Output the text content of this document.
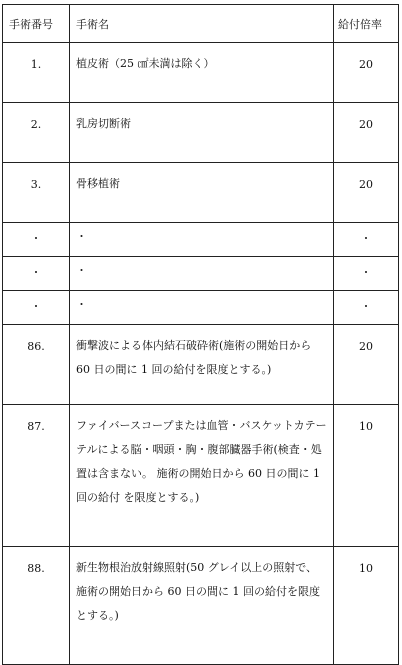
手術番号	手術名	給付倍率
1.	植皮術（25 ㎠未満は除く）	20
2.	乳房切断術	20
3.	骨移植術	20
・	・	・
・	・	・
・	・	・
86.	衝撃波による体内結石破砕術(施術の開始日から 60 日の間に 1 回の給付を限度とする。)	20
87.	ファイバースコープまたは血管・バスケットカテーテルによる脳・咽頭・胸・腹部臓器手術(検査・処置は含まない。 施術の開始日から 60 日の間に 1 回の給付 を限度とする。)	10
88.	新生物根治放射線照射(50 グレイ以上の照射で、施術の開始日から 60 日の間に 1 回の給付を限度とする。)	10
